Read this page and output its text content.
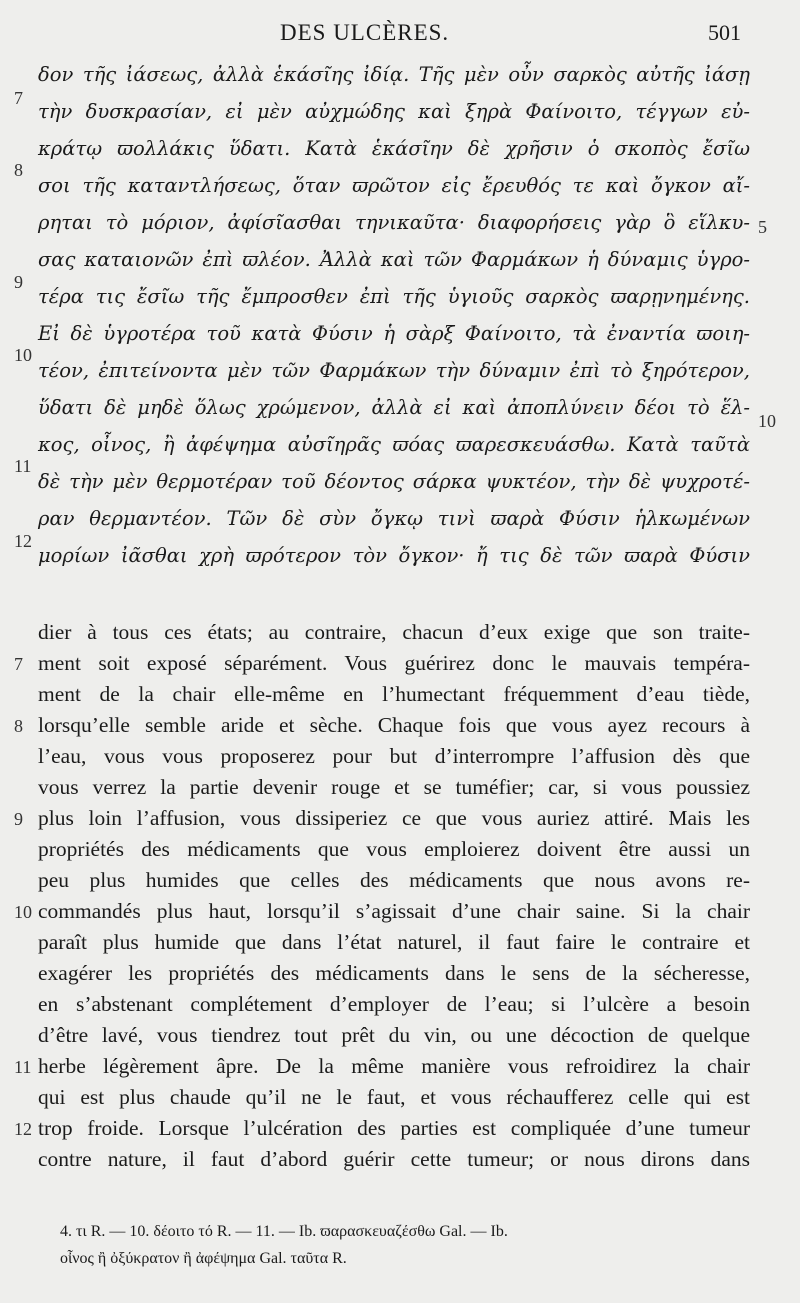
DES ULCÈRES.	501
δον τῆς ἰάσεως, ἀλλὰ ἑκάσῖης ἰδίᾳ. Τῆς μὲν οὖν σαρκὸς αὐτῆς ἰάσῃ
τὴν δυσκρασίαν, εἰ μὲν αὐχμώδης καὶ ξηρὰ Φαίνοιτο, τέγγων εὐ-
κράτῳ ϖολλάκις ὕδατι. Κατὰ ἑκάσῖην δὲ χρῆσιν ὁ σκοπὸς ἔσῖω
σοι τῆς καταντλήσεως, ὅταν ϖρῶτον εἰς ἔρευθός τε καὶ ὄγκον αἴ-
ρηται τὸ μόριον, ἀφίσῖασθαι τηνικαῦτα· διαφορήσεις γὰρ ὃ εἵλκυ-
σας καταιονῶν ἐπὶ ϖλέον. Ἀλλὰ καὶ τῶν Φαρμάκων ἡ δύναμις ὑγρο-
τέρα τις ἔσῖω τῆς ἔμπροσθεν ἐπὶ τῆς ὑγιοῦς σαρκὸς ϖαρῃνημένης.
Εἰ δὲ ὑγροτέρα τοῦ κατὰ Φύσιν ἡ σὰρξ Φαίνοιτο, τὰ ἐναντία ϖοιη-
τέον, ἐπιτείνοντα μὲν τῶν Φαρμάκων τὴν δύναμιν ἐπὶ τὸ ξηρότερον,
ὕδατι δὲ μηδὲ ὅλως χρώμενον, ἀλλὰ εἰ καὶ ἀποπλύνειν δέοι τὸ ἕλ-
κος, οἶνος, ἢ ἀφέψημα αὐσῖηρᾶς ϖόας ϖαρεσκευάσθω. Κατὰ ταῦτὰ
δὲ τὴν μὲν θερμοτέραν τοῦ δέοντος σάρκα ψυκτέον, τὴν δὲ ψυχροτέ-
ραν θερμαντέον. Τῶν δὲ σὺν ὄγκῳ τινὶ ϖαρὰ Φύσιν ἡλκωμένων
μορίων ἰᾶσθαι χρὴ ϖρότερον τὸν ὄγκον· ἤ τις δὲ τῶν ϖαρὰ Φύσιν
7
8
9
10
11
12
5
10
dier à tous ces états; au contraire, chacun d’eux exige que son traite-
ment soit exposé séparément. Vous guérirez donc le mauvais tempéra-
ment de la chair elle-même en l’humectant fréquemment d’eau tiède,
lorsqu’elle semble aride et sèche. Chaque fois que vous ayez recours à
l’eau, vous vous proposerez pour but d’interrompre l’affusion dès que
vous verrez la partie devenir rouge et se tuméfier; car, si vous poussiez
plus loin l’affusion, vous dissiperiez ce que vous auriez attiré. Mais les
propriétés des médicaments que vous emploierez doivent être aussi un
peu plus humides que celles des médicaments que nous avons re-
commandés plus haut, lorsqu’il s’agissait d’une chair saine. Si la chair
paraît plus humide que dans l’état naturel, il faut faire le contraire et
exagérer les propriétés des médicaments dans le sens de la sécheresse,
en s’abstenant complétement d’employer de l’eau; si l’ulcère a besoin
d’être lavé, vous tiendrez tout prêt du vin, ou une décoction de quelque
herbe légèrement âpre. De la même manière vous refroidirez la chair
qui est plus chaude qu’il ne le faut, et vous réchaufferez celle qui est
trop froide. Lorsque l’ulcération des parties est compliquée d’une tumeur
contre nature, il faut d’abord guérir cette tumeur; or nous dirons dans
7
8
9
10
11
12
4. τι R. — 10. δέοιτο τό R. — 11. — Ib. ϖαρασκευαζέσθω Gal. — Ib.
οἶνος ἢ ὀξύκρατον ἢ ἀφέψημα Gal. ταῦτα R.
